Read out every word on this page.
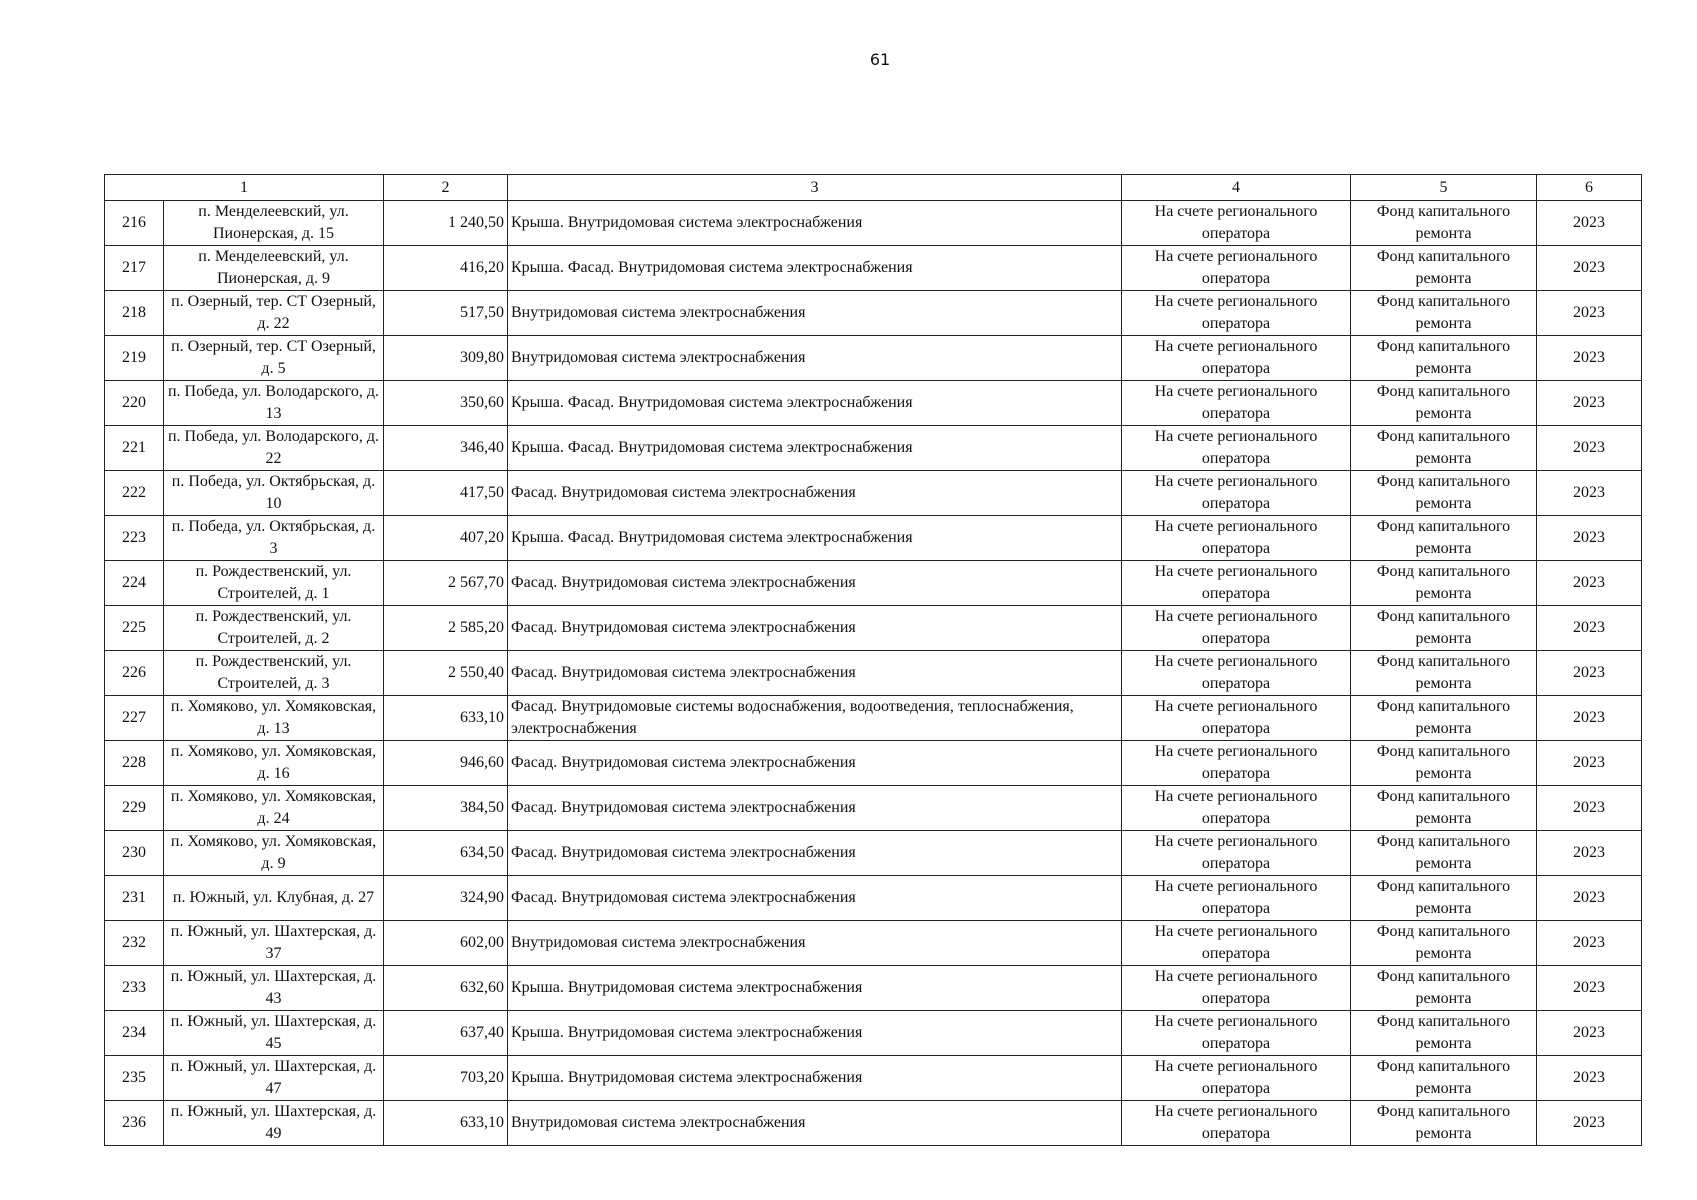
61
1		2	3	4	5	6
216	п. Менделеевский, ул. Пионерская, д. 15	1 240,50	Крыша. Внутридомовая система электроснабжения	На счете регионального оператора	Фонд капитального ремонта	2023
217	п. Менделеевский, ул. Пионерская, д. 9	416,20	Крыша. Фасад. Внутридомовая система электроснабжения	На счете регионального оператора	Фонд капитального ремонта	2023
218	п. Озерный, тер. СТ Озерный, д. 22	517,50	Внутридомовая система электроснабжения	На счете регионального оператора	Фонд капитального ремонта	2023
219	п. Озерный, тер. СТ Озерный, д. 5	309,80	Внутридомовая система электроснабжения	На счете регионального оператора	Фонд капитального ремонта	2023
220	п. Победа, ул. Володарского, д. 13	350,60	Крыша. Фасад. Внутридомовая система электроснабжения	На счете регионального оператора	Фонд капитального ремонта	2023
221	п. Победа, ул. Володарского, д. 22	346,40	Крыша. Фасад. Внутридомовая система электроснабжения	На счете регионального оператора	Фонд капитального ремонта	2023
222	п. Победа, ул. Октябрьская, д. 10	417,50	Фасад. Внутридомовая система электроснабжения	На счете регионального оператора	Фонд капитального ремонта	2023
223	п. Победа, ул. Октябрьская, д. 3	407,20	Крыша. Фасад. Внутридомовая система электроснабжения	На счете регионального оператора	Фонд капитального ремонта	2023
224	п. Рождественский, ул. Строителей, д. 1	2 567,70	Фасад. Внутридомовая система электроснабжения	На счете регионального оператора	Фонд капитального ремонта	2023
225	п. Рождественский, ул. Строителей, д. 2	2 585,20	Фасад. Внутридомовая система электроснабжения	На счете регионального оператора	Фонд капитального ремонта	2023
226	п. Рождественский, ул. Строителей, д. 3	2 550,40	Фасад. Внутридомовая система электроснабжения	На счете регионального оператора	Фонд капитального ремонта	2023
227	п. Хомяково, ул. Хомяковская, д. 13	633,10	Фасад. Внутридомовые системы водоснабжения, водоотведения, теплоснабжения, электроснабжения	На счете регионального оператора	Фонд капитального ремонта	2023
228	п. Хомяково, ул. Хомяковская, д. 16	946,60	Фасад. Внутридомовая система электроснабжения	На счете регионального оператора	Фонд капитального ремонта	2023
229	п. Хомяково, ул. Хомяковская, д. 24	384,50	Фасад. Внутридомовая система электроснабжения	На счете регионального оператора	Фонд капитального ремонта	2023
230	п. Хомяково, ул. Хомяковская, д. 9	634,50	Фасад. Внутридомовая система электроснабжения	На счете регионального оператора	Фонд капитального ремонта	2023
231	п. Южный, ул. Клубная, д. 27	324,90	Фасад. Внутридомовая система электроснабжения	На счете регионального оператора	Фонд капитального ремонта	2023
232	п. Южный, ул. Шахтерская, д. 37	602,00	Внутридомовая система электроснабжения	На счете регионального оператора	Фонд капитального ремонта	2023
233	п. Южный, ул. Шахтерская, д. 43	632,60	Крыша. Внутридомовая система электроснабжения	На счете регионального оператора	Фонд капитального ремонта	2023
234	п. Южный, ул. Шахтерская, д. 45	637,40	Крыша. Внутридомовая система электроснабжения	На счете регионального оператора	Фонд капитального ремонта	2023
235	п. Южный, ул. Шахтерская, д. 47	703,20	Крыша. Внутридомовая система электроснабжения	На счете регионального оператора	Фонд капитального ремонта	2023
236	п. Южный, ул. Шахтерская, д. 49	633,10	Внутридомовая система электроснабжения	На счете регионального оператора	Фонд капитального ремонта	2023
